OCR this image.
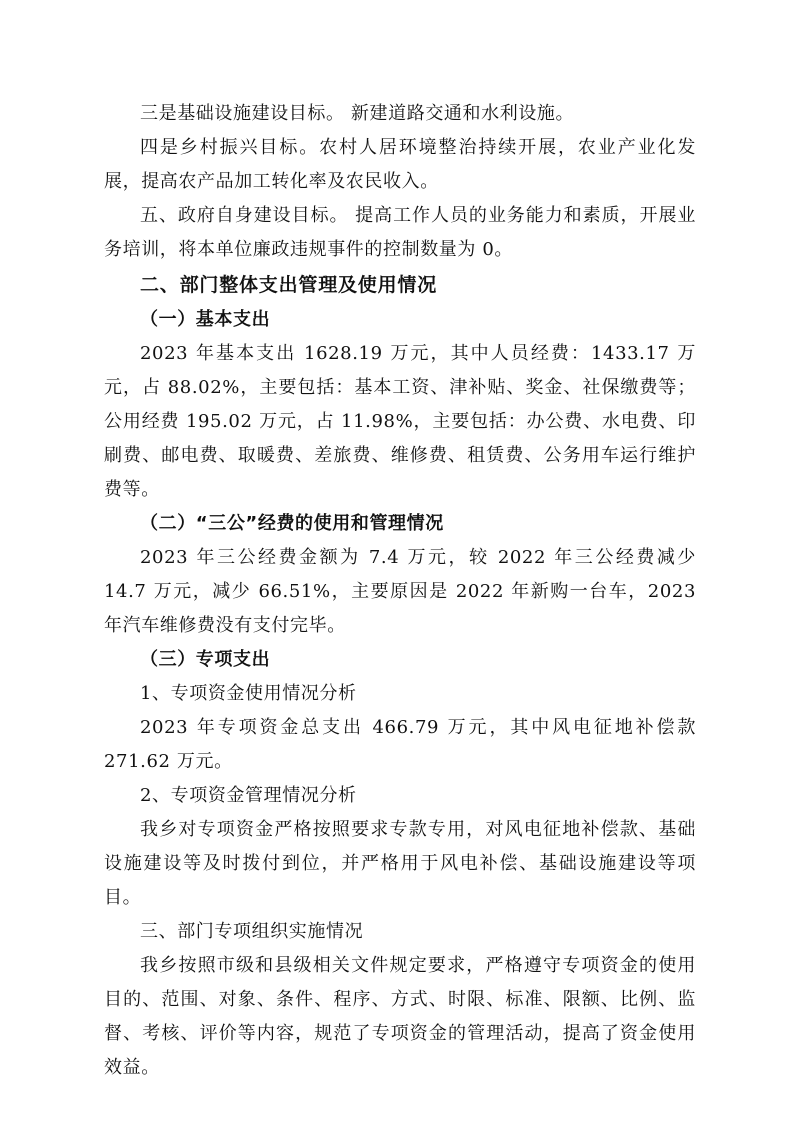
三是基础设施建设目标。 新建道路交通和水利设施。

四是乡村振兴目标。农村人居环境整治持续开展，农业产业化发展，提高农产品加工转化率及农民收入。

五、政府自身建设目标。 提高工作人员的业务能力和素质，开展业务培训，将本单位廉政违规事件的控制数量为 0。

二、部门整体支出管理及使用情况

（一）基本支出

2023 年基本支出 1628.19 万元，其中人员经费：1433.17 万元，占 88.02%，主要包括：基本工资、津补贴、奖金、社保缴费等；公用经费 195.02 万元，占 11.98%，主要包括：办公费、水电费、印刷费、邮电费、取暖费、差旅费、维修费、租赁费、公务用车运行维护费等。

（二）“三公”经费的使用和管理情况

2023 年三公经费金额为 7.4 万元，较 2022 年三公经费减少 14.7 万元，减少 66.51%，主要原因是 2022 年新购一台车，2023 年汽车维修费没有支付完毕。

（三）专项支出

1、专项资金使用情况分析

2023 年专项资金总支出 466.79 万元，其中风电征地补偿款 271.62 万元。

2、专项资金管理情况分析

我乡对专项资金严格按照要求专款专用，对风电征地补偿款、基础设施建设等及时拨付到位，并严格用于风电补偿、基础设施建设等项目。

三、部门专项组织实施情况

我乡按照市级和县级相关文件规定要求，严格遵守专项资金的使用目的、范围、对象、条件、程序、方式、时限、标准、限额、比例、监督、考核、评价等内容，规范了专项资金的管理活动，提高了资金使用效益。
